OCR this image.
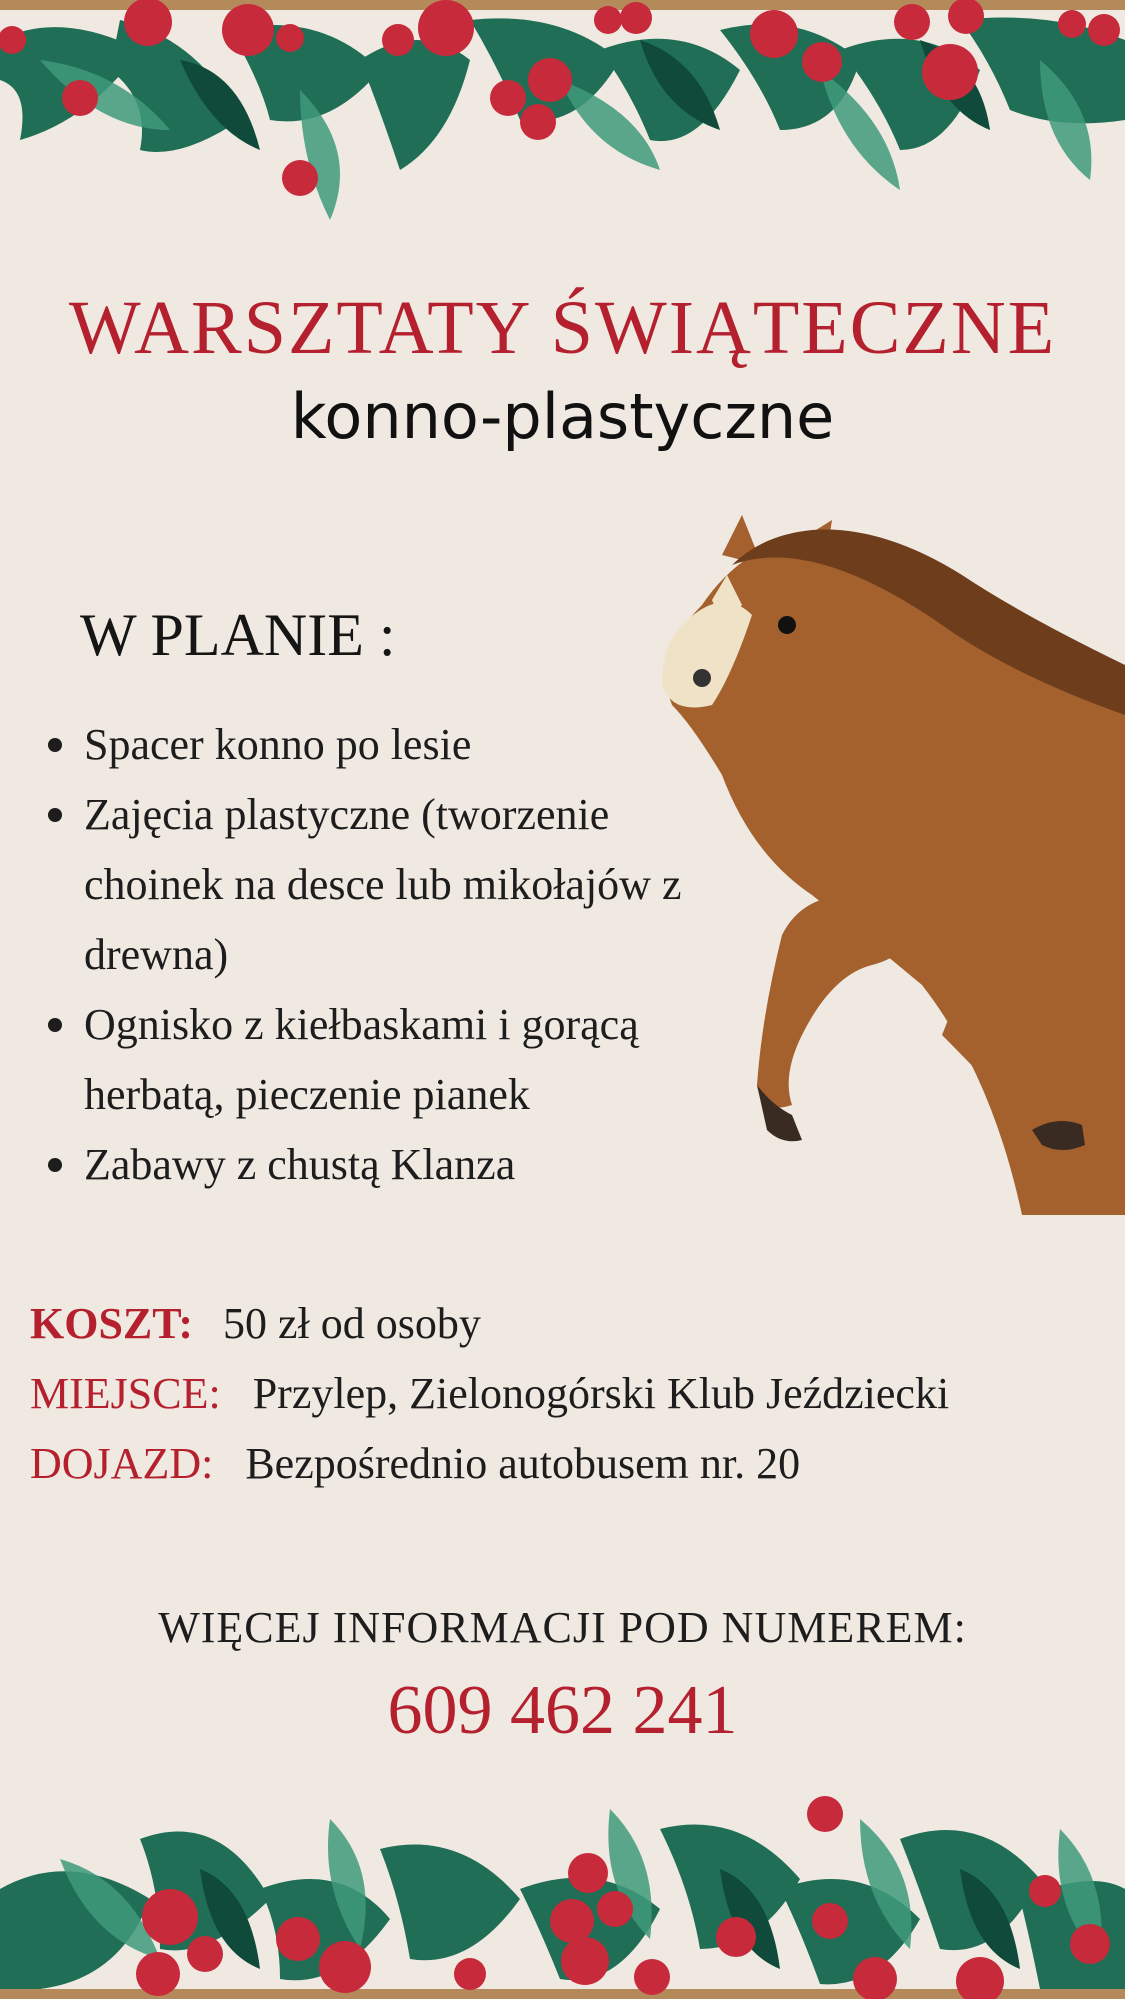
WARSZTATY ŚWIĄTECZNE
konno-plastyczne
W PLANIE :
Spacer konno po lesie
Zajęcia plastyczne (tworzenie choinek na desce lub mikołajów z drewna)
Ognisko z kiełbaskami i gorącą herbatą, pieczenie pianek
Zabawy z chustą Klanza
KOSZT: 50 zł od osoby
MIEJSCE: Przylep, Zielonogórski Klub Jeździecki
DOJAZD: Bezpośrednio autobusem nr. 20
WIĘCEJ INFORMACJI POD NUMEREM:
609 462 241
